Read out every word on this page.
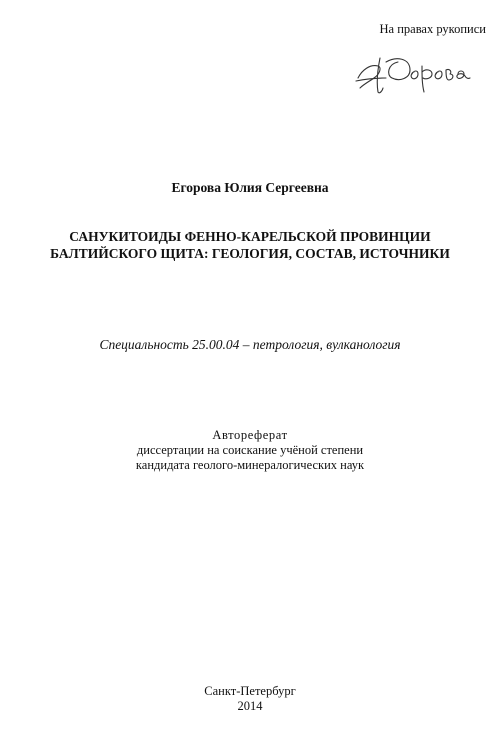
На правах рукописи
Егорова Юлия Сергеевна
САНУКИТОИДЫ ФЕННО-КАРЕЛЬСКОЙ ПРОВИНЦИИ
БАЛТИЙСКОГО ЩИТА: ГЕОЛОГИЯ, СОСТАВ, ИСТОЧНИКИ
Специальность 25.00.04 – петрология, вулканология
Автореферат
диссертации на соискание учёной степени
кандидата геолого-минералогических наук
Санкт-Петербург
2014
